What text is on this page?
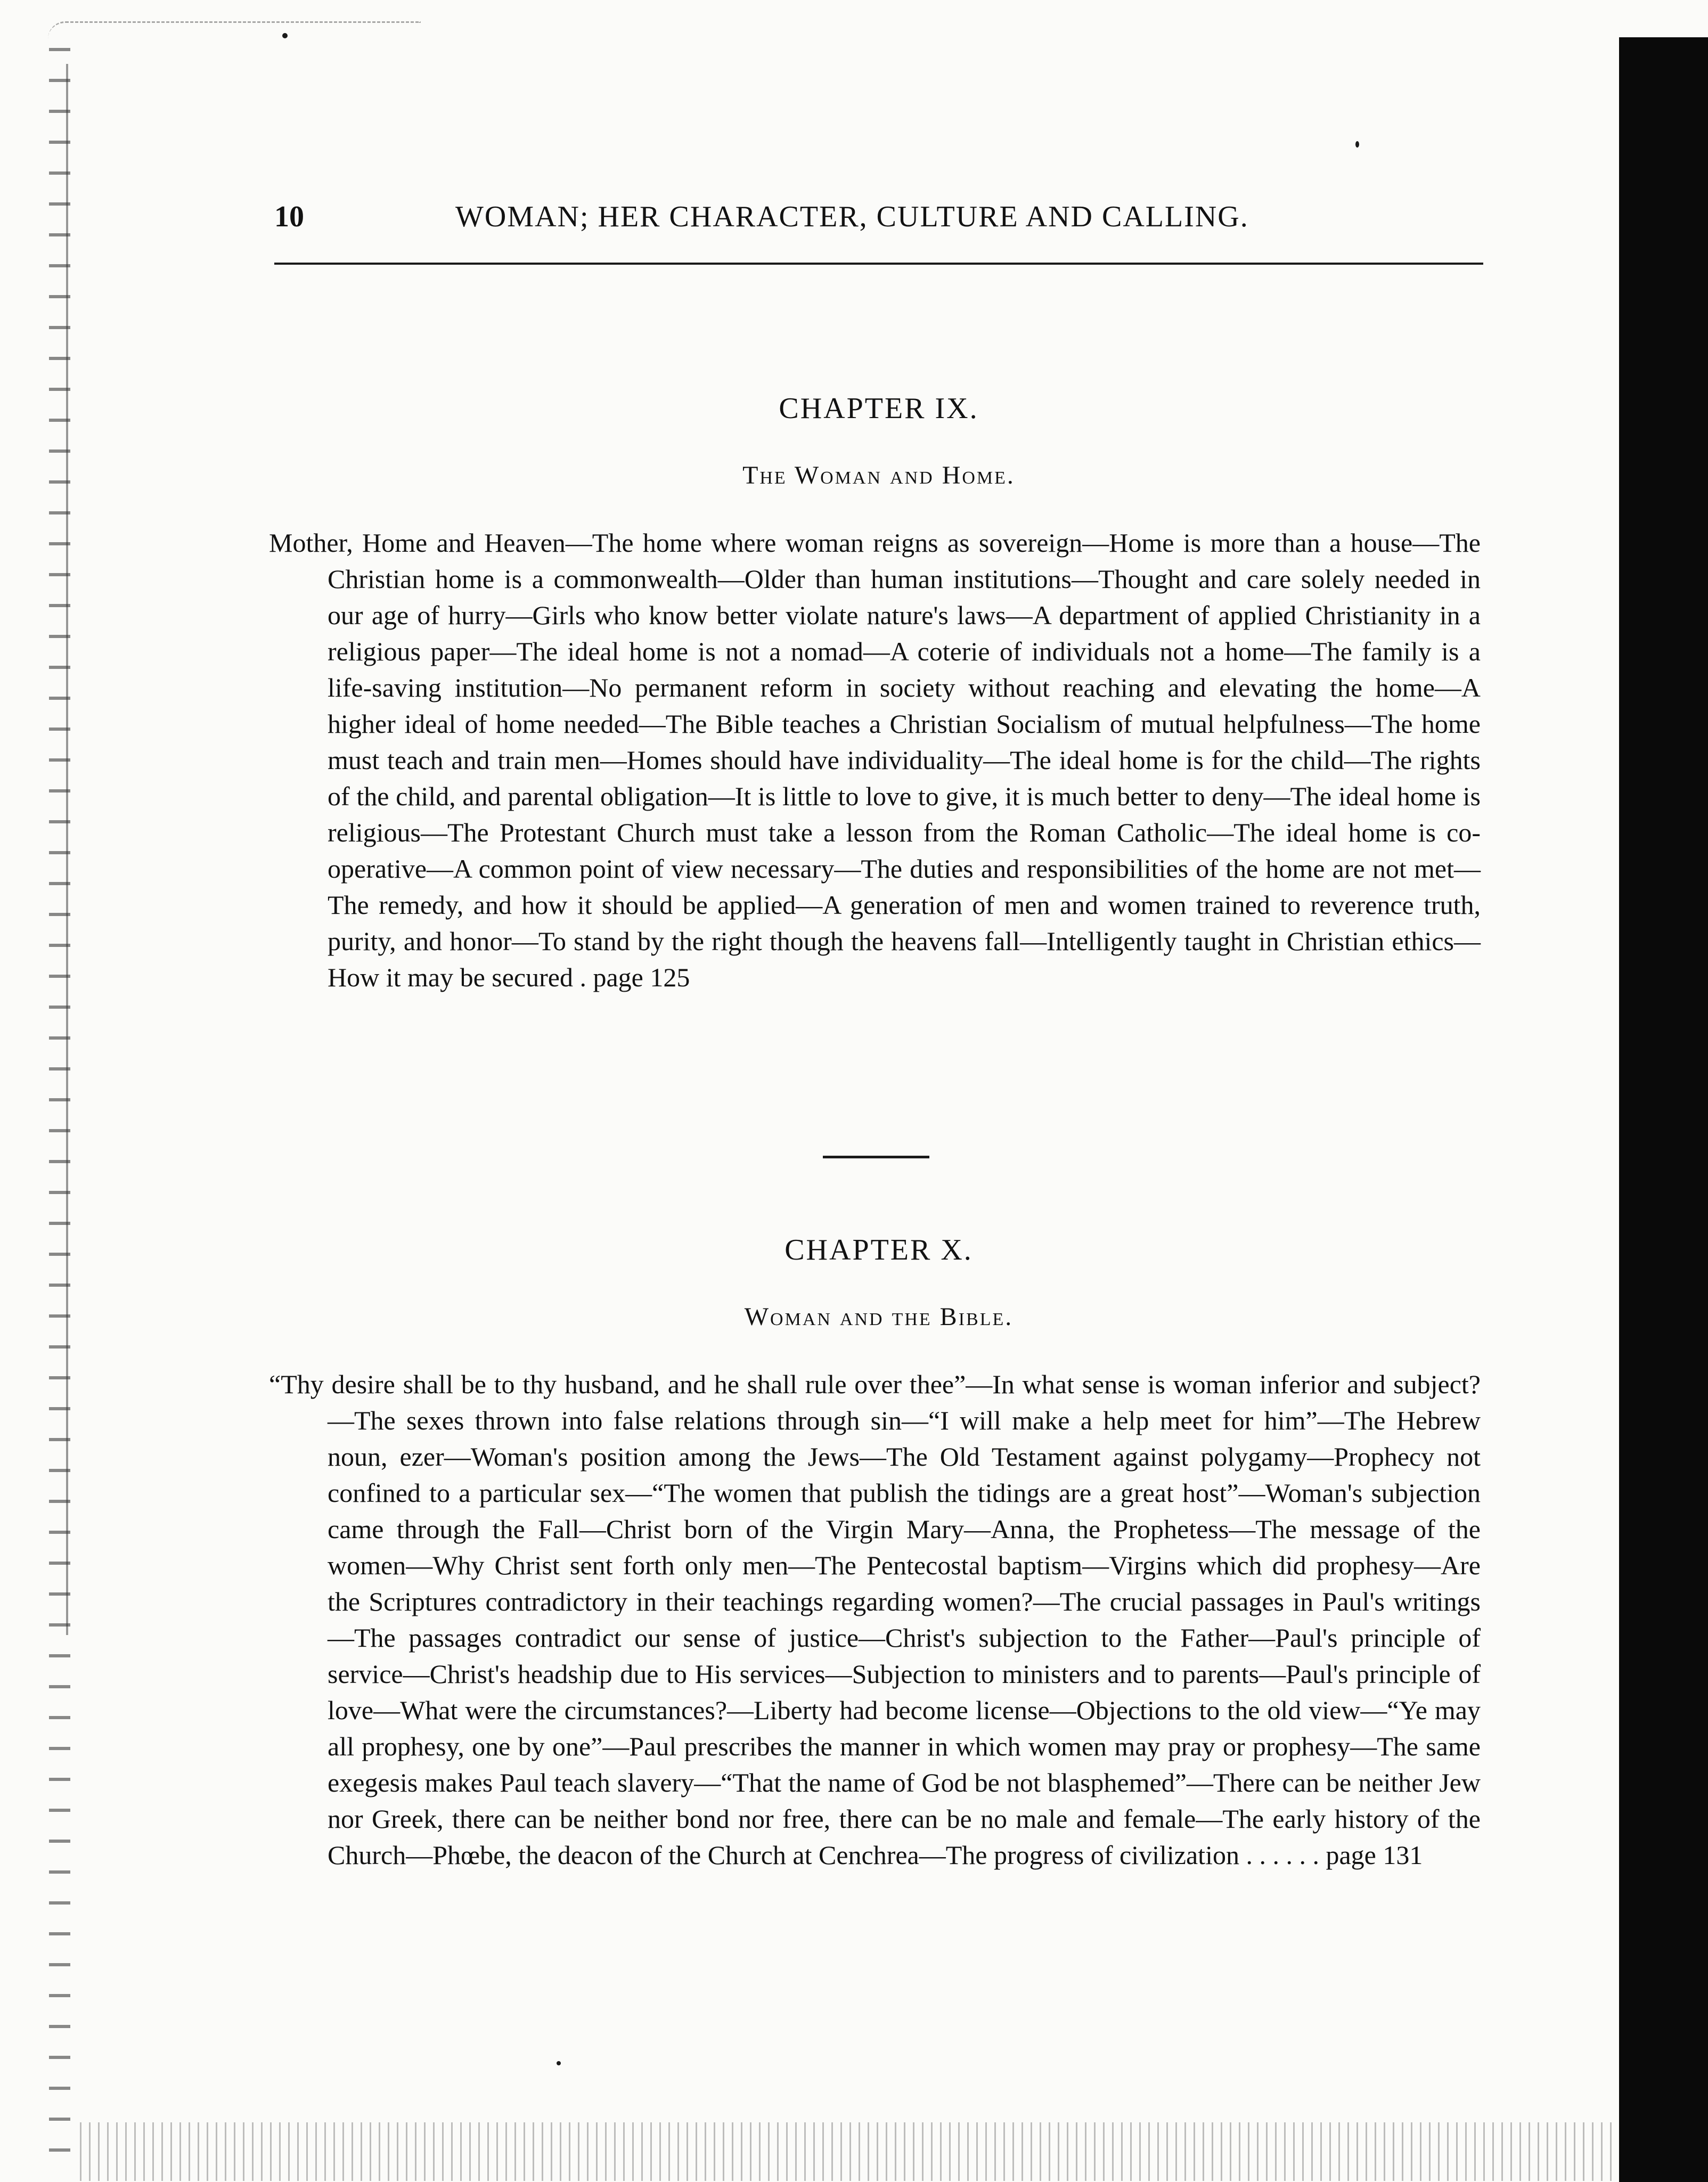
10	WOMAN; HER CHARACTER, CULTURE AND CALLING.
CHAPTER IX.
The Woman and Home.

Mother, Home and Heaven—The home where woman reigns as sovereign—Home is more than a house—The Christian home is a commonwealth—Older than human institutions—Thought and care solely needed in our age of hurry—Girls who know better violate nature's laws—A department of applied Christianity in a religious paper—The ideal home is not a nomad—A coterie of individuals not a home—The family is a life-saving institution—No permanent reform in society without reaching and elevating the home—A higher ideal of home needed—The Bible teaches a Christian Socialism of mutual helpfulness—The home must teach and train men—Homes should have individuality—The ideal home is for the child—The rights of the child, and parental obligation—It is little to love to give, it is much better to deny—The ideal home is religious—The Protestant Church must take a lesson from the Roman Catholic—The ideal home is co-operative—A common point of view necessary—The duties and responsibilities of the home are not met—The remedy, and how it should be applied—A generation of men and women trained to reverence truth, purity, and honor—To stand by the right though the heavens fall—Intelligently taught in Christian ethics—How it may be secured . page 125

CHAPTER X.
Woman and the Bible.

“Thy desire shall be to thy husband, and he shall rule over thee”—In what sense is woman inferior and subject?—The sexes thrown into false relations through sin—“I will make a help meet for him”—The Hebrew noun, ezer—Woman's position among the Jews—The Old Testament against polygamy—Prophecy not confined to a particular sex—“The women that publish the tidings are a great host”—Woman's subjection came through the Fall—Christ born of the Virgin Mary—Anna, the Prophetess—The message of the women—Why Christ sent forth only men—The Pentecostal baptism—Virgins which did prophesy—Are the Scriptures contradictory in their teachings regarding women?—The crucial passages in Paul's writings—The passages contradict our sense of justice—Christ's subjection to the Father—Paul's principle of service—Christ's headship due to His services—Subjection to ministers and to parents—Paul's principle of love—What were the circumstances?—Liberty had become license—Objections to the old view—“Ye may all prophesy, one by one”—Paul prescribes the manner in which women may pray or prophesy—The same exegesis makes Paul teach slavery—“That the name of God be not blasphemed”—There can be neither Jew nor Greek, there can be neither bond nor free, there can be no male and female—The early history of the Church—Phœbe, the deacon of the Church at Cenchrea—The progress of civilization . . . . . . page 131
